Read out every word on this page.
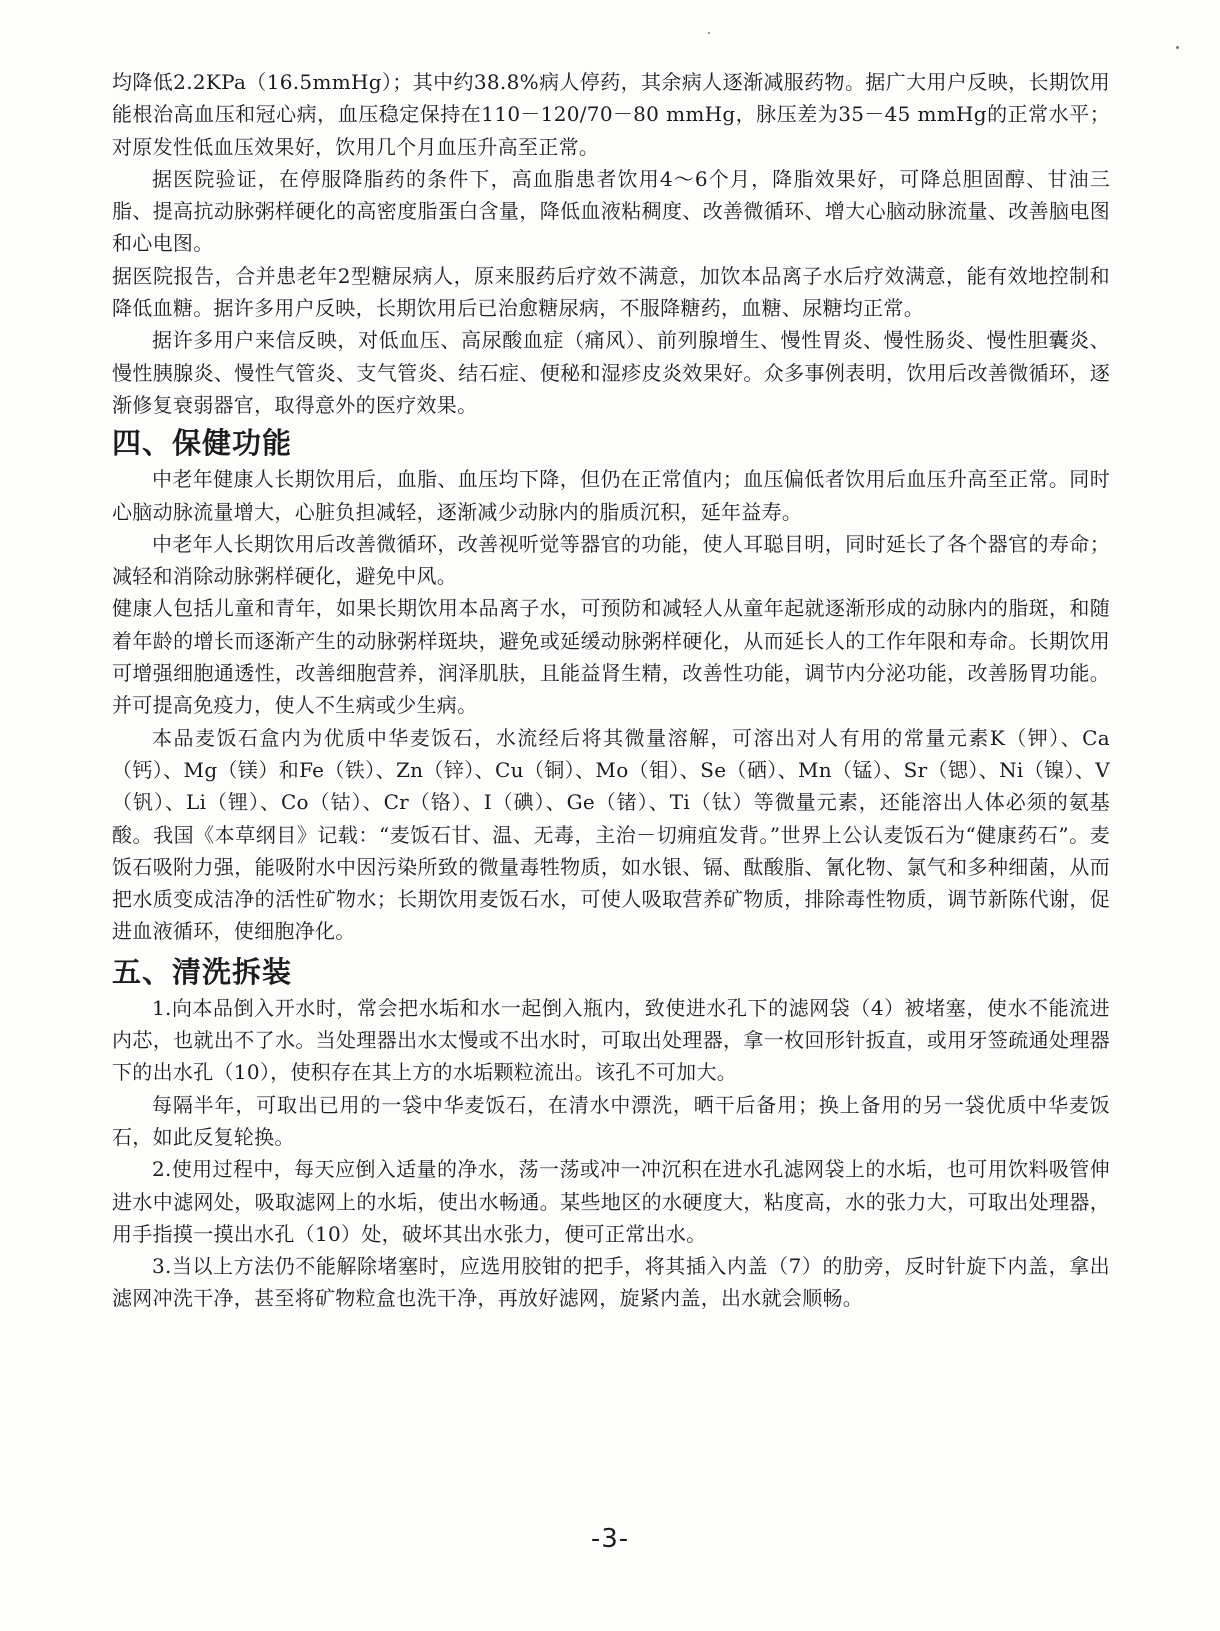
均降低2.2KPa（16.5mmHg）；其中约38.8%病人停药，其余病人逐渐减服药物。据广大用户反映，长期饮用能根治高血压和冠心病，血压稳定保持在110－120/70－80 mmHg，脉压差为35－45 mmHg的正常水平；对原发性低血压效果好，饮用几个月血压升高至正常。

据医院验证，在停服降脂药的条件下，高血脂患者饮用4～6个月，降脂效果好，可降总胆固醇、甘油三脂、提高抗动脉粥样硬化的高密度脂蛋白含量，降低血液粘稠度、改善微循环、增大心脑动脉流量、改善脑电图和心电图。

据医院报告，合并患老年2型糖尿病人，原来服药后疗效不满意，加饮本品离子水后疗效满意，能有效地控制和降低血糖。据许多用户反映，长期饮用后已治愈糖尿病，不服降糖药，血糖、尿糖均正常。

据许多用户来信反映，对低血压、高尿酸血症（痛风）、前列腺增生、慢性胃炎、慢性肠炎、慢性胆囊炎、慢性胰腺炎、慢性气管炎、支气管炎、结石症、便秘和湿疹皮炎效果好。众多事例表明，饮用后改善微循环，逐渐修复衰弱器官，取得意外的医疗效果。

四、保健功能

中老年健康人长期饮用后，血脂、血压均下降，但仍在正常值内；血压偏低者饮用后血压升高至正常。同时心脑动脉流量增大，心脏负担减轻，逐渐减少动脉内的脂质沉积，延年益寿。

中老年人长期饮用后改善微循环，改善视听觉等器官的功能，使人耳聪目明，同时延长了各个器官的寿命；减轻和消除动脉粥样硬化，避免中风。

健康人包括儿童和青年，如果长期饮用本品离子水，可预防和减轻人从童年起就逐渐形成的动脉内的脂斑，和随着年龄的增长而逐渐产生的动脉粥样斑块，避免或延缓动脉粥样硬化，从而延长人的工作年限和寿命。长期饮用可增强细胞通透性，改善细胞营养，润泽肌肤，且能益肾生精，改善性功能，调节内分泌功能，改善肠胃功能。并可提高免疫力，使人不生病或少生病。

本品麦饭石盒内为优质中华麦饭石，水流经后将其微量溶解，可溶出对人有用的常量元素K（钾）、Ca（钙）、Mg（镁）和Fe（铁）、Zn（锌）、Cu（铜）、Mo（钼）、Se（硒）、Mn（锰）、Sr（锶）、Ni（镍）、V（钒）、Li（锂）、Co（钴）、Cr（铬）、I（碘）、Ge（锗）、Ti（钛）等微量元素，还能溶出人体必须的氨基酸。我国《本草纲目》记载：“麦饭石甘、温、无毒，主治－切痈疽发背。”世界上公认麦饭石为“健康药石”。麦饭石吸附力强，能吸附水中因污染所致的微量毒牲物质，如水银、镉、酞酸脂、氰化物、氯气和多种细菌，从而把水质变成洁净的活性矿物水；长期饮用麦饭石水，可使人吸取营养矿物质，排除毒性物质，调节新陈代谢，促进血液循环，使细胞净化。

五、清洗拆装

1.向本品倒入开水时，常会把水垢和水一起倒入瓶内，致使进水孔下的滤网袋（4）被堵塞，使水不能流进内芯，也就出不了水。当处理器出水太慢或不出水时，可取出处理器，拿一枚回形针扳直，或用牙签疏通处理器下的出水孔（10），使积存在其上方的水垢颗粒流出。该孔不可加大。

每隔半年，可取出已用的一袋中华麦饭石，在清水中漂洗，晒干后备用；换上备用的另一袋优质中华麦饭石，如此反复轮换。

2.使用过程中，每天应倒入适量的净水，荡一荡或冲一冲沉积在进水孔滤网袋上的水垢，也可用饮料吸管伸进水中滤网处，吸取滤网上的水垢，使出水畅通。某些地区的水硬度大，粘度高，水的张力大，可取出处理器，用手指摸一摸出水孔（10）处，破坏其出水张力，便可正常出水。

3.当以上方法仍不能解除堵塞时，应选用胶钳的把手，将其插入内盖（7）的肋旁，反时针旋下内盖，拿出滤网冲洗干净，甚至将矿物粒盒也洗干净，再放好滤网，旋紧内盖，出水就会顺畅。

-3-
